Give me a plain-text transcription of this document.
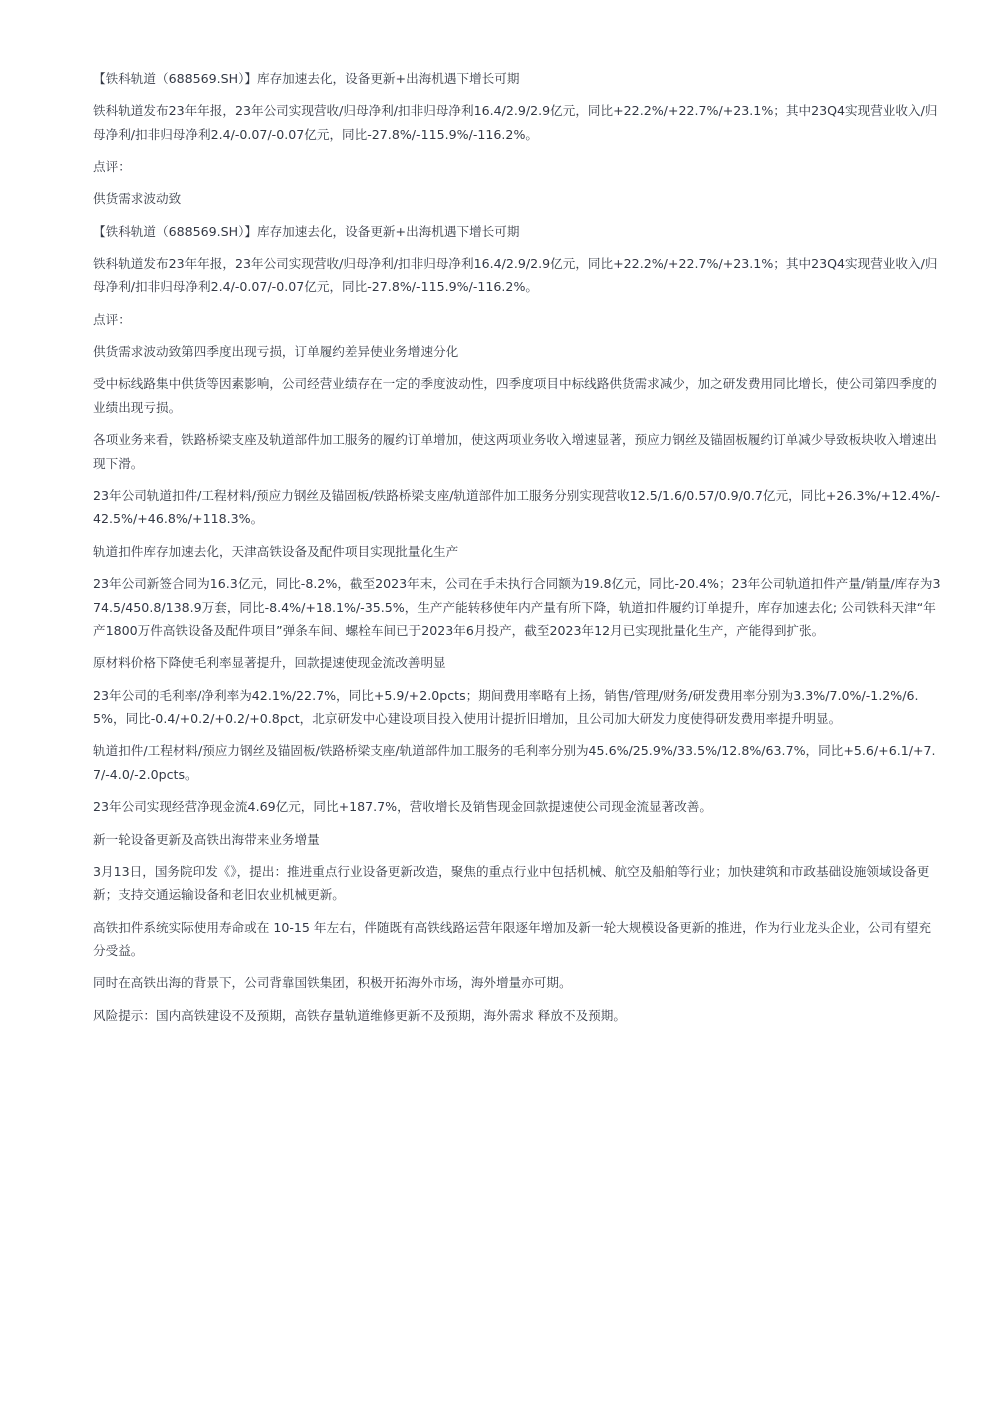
【铁科轨道（688569.SH）】库存加速去化，设备更新+出海机遇下增长可期

铁科轨道发布23年年报，23年公司实现营收/归母净利/扣非归母净利16.4/2.9/2.9亿元，同比+22.2%/+22.7%/+23.1%；其中23Q4实现营业收入/归母净利/扣非归母净利2.4/-0.07/-0.07亿元，同比-27.8%/-115.9%/-116.2%。

点评：

供货需求波动致

【铁科轨道（688569.SH）】库存加速去化，设备更新+出海机遇下增长可期

铁科轨道发布23年年报，23年公司实现营收/归母净利/扣非归母净利16.4/2.9/2.9亿元，同比+22.2%/+22.7%/+23.1%；其中23Q4实现营业收入/归母净利/扣非归母净利2.4/-0.07/-0.07亿元，同比-27.8%/-115.9%/-116.2%。

点评：

供货需求波动致第四季度出现亏损，订单履约差异使业务增速分化

受中标线路集中供货等因素影响，公司经营业绩存在一定的季度波动性，四季度项目中标线路供货需求减少，加之研发费用同比增长，使公司第四季度的业绩出现亏损。

各项业务来看，铁路桥梁支座及轨道部件加工服务的履约订单增加，使这两项业务收入增速显著，预应力钢丝及锚固板履约订单减少导致板块收入增速出现下滑。

23年公司轨道扣件/工程材料/预应力钢丝及锚固板/铁路桥梁支座/轨道部件加工服务分别实现营收12.5/1.6/0.57/0.9/0.7亿元，同比+26.3%/+12.4%/-42.5%/+46.8%/+118.3%。

轨道扣件库存加速去化，天津高铁设备及配件项目实现批量化生产

23年公司新签合同为16.3亿元，同比-8.2%，截至2023年末，公司在手未执行合同额为19.8亿元，同比-20.4%；23年公司轨道扣件产量/销量/库存为374.5/450.8/138.9万套，同比-8.4%/+18.1%/-35.5%，生产产能转移使年内产量有所下降，轨道扣件履约订单提升，库存加速去化; 公司铁科天津“年产1800万件高铁设备及配件项目”弹条车间、螺栓车间已于2023年6月投产，截至2023年12月已实现批量化生产，产能得到扩张。

原材料价格下降使毛利率显著提升，回款提速使现金流改善明显

23年公司的毛利率/净利率为42.1%/22.7%，同比+5.9/+2.0pcts；期间费用率略有上扬，销售/管理/财务/研发费用率分别为3.3%/7.0%/-1.2%/6.5%，同比-0.4/+0.2/+0.2/+0.8pct，北京研发中心建设项目投入使用计提折旧增加，且公司加大研发力度使得研发费用率提升明显。

轨道扣件/工程材料/预应力钢丝及锚固板/铁路桥梁支座/轨道部件加工服务的毛利率分别为45.6%/25.9%/33.5%/12.8%/63.7%，同比+5.6/+6.1/+7.7/-4.0/-2.0pcts。

23年公司实现经营净现金流4.69亿元，同比+187.7%，营收增长及销售现金回款提速使公司现金流显著改善。

新一轮设备更新及高铁出海带来业务增量

3月13日，国务院印发《》，提出：推进重点行业设备更新改造，聚焦的重点行业中包括机械、航空及船舶等行业；加快建筑和市政基础设施领域设备更新；支持交通运输设备和老旧农业机械更新。

高铁扣件系统实际使用寿命或在 10-15 年左右，伴随既有高铁线路运营年限逐年增加及新一轮大规模设备更新的推进，作为行业龙头企业，公司有望充分受益。

同时在高铁出海的背景下，公司背靠国铁集团，积极开拓海外市场，海外增量亦可期。

风险提示：国内高铁建设不及预期，高铁存量轨道维修更新不及预期，海外需求 释放不及预期。
